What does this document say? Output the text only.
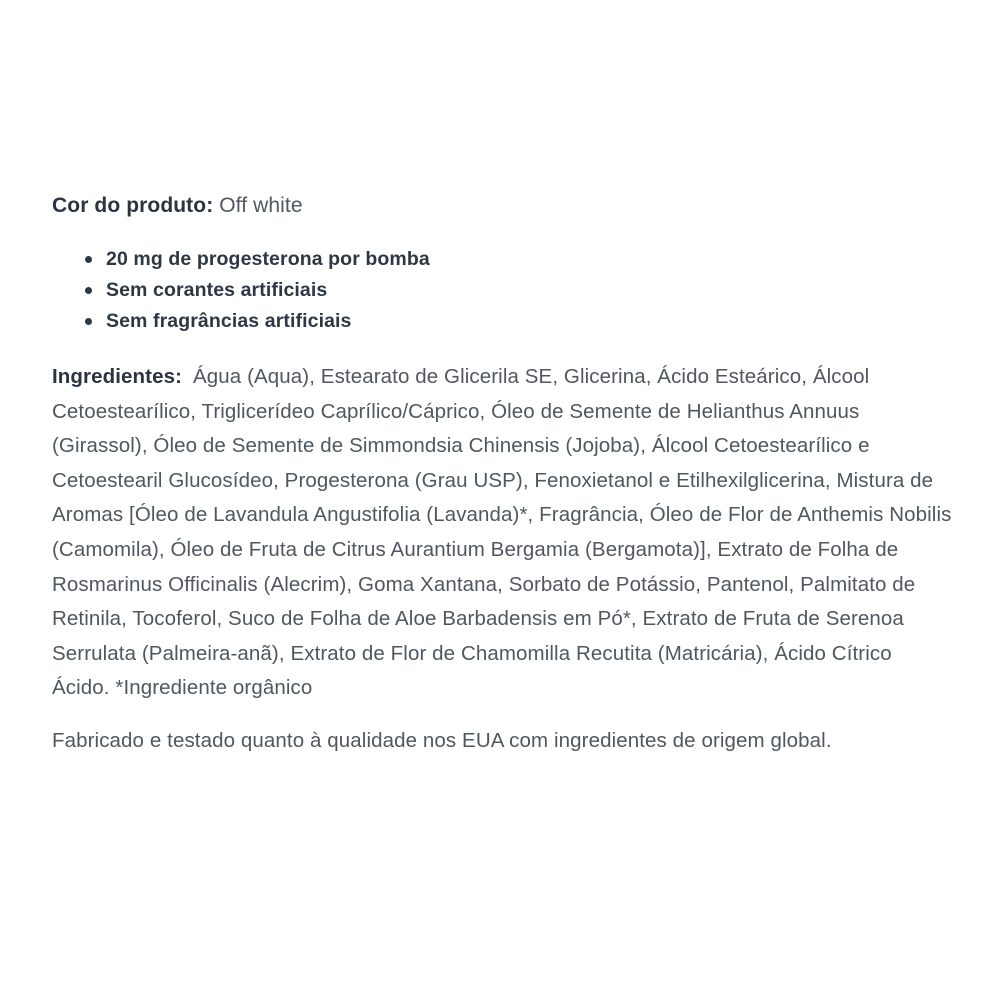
Cor do produto: Off white

20 mg de progesterona por bomba
Sem corantes artificiais
Sem fragrâncias artificiais

Ingredientes: Água (Aqua), Estearato de Glicerila SE, Glicerina, Ácido Esteárico, Álcool Cetoestearílico, Triglicerídeo Caprílico/Cáprico, Óleo de Semente de Helianthus Annuus (Girassol), Óleo de Semente de Simmondsia Chinensis (Jojoba), Álcool Cetoestearílico e Cetoestearil Glucosídeo, Progesterona (Grau USP), Fenoxietanol e Etilhexilglicerina, Mistura de Aromas [Óleo de Lavandula Angustifolia (Lavanda)*, Fragrância, Óleo de Flor de Anthemis Nobilis (Camomila), Óleo de Fruta de Citrus Aurantium Bergamia (Bergamota)], Extrato de Folha de Rosmarinus Officinalis (Alecrim), Goma Xantana, Sorbato de Potássio, Pantenol, Palmitato de Retinila, Tocoferol, Suco de Folha de Aloe Barbadensis em Pó*, Extrato de Fruta de Serenoa Serrulata (Palmeira-anã), Extrato de Flor de Chamomilla Recutita (Matricária), Ácido Cítrico Ácido. *Ingrediente orgânico

Fabricado e testado quanto à qualidade nos EUA com ingredientes de origem global.
